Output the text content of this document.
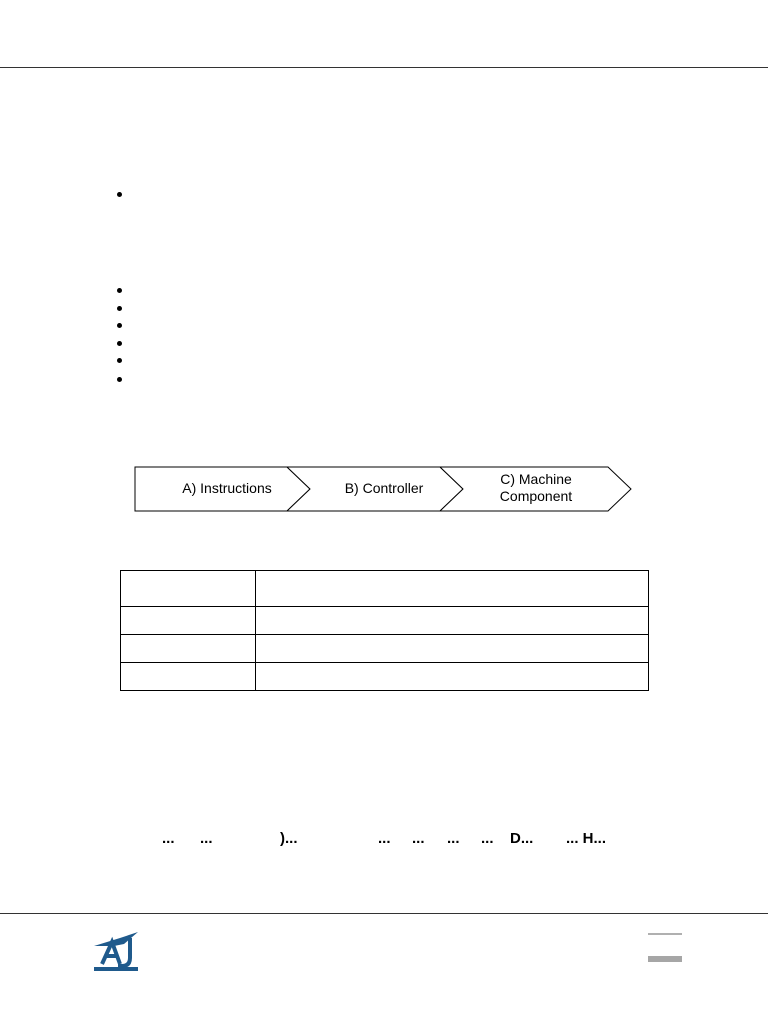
A) Instructions	B) Controller
C) Machine
Component

... ...	)...	... ... ... ... D... ... H...
